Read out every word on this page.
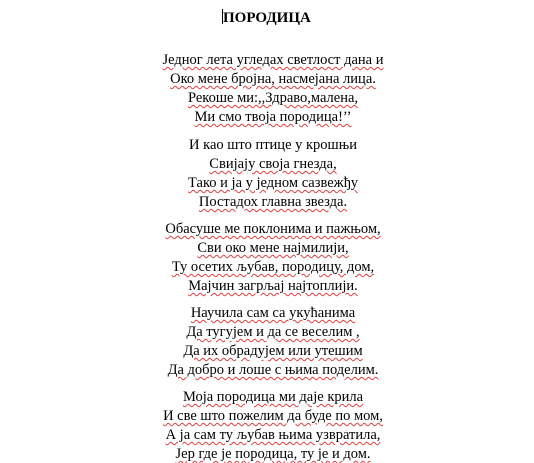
ПОРОДИЦА
Једног лета угледах светлост дана и
Око мене бројна, насмејана лица.
Рекоше ми:,,Здраво,малена,
Ми смо твоја породица!’’
И као што птице у крошњи
Свијају своја гнезда,
Тако и ја у једном сазвежђу
Постадох главна звезда.
Обасуше ме поклонима и пажњом,
Сви око мене најмилији,
Ту осетих љубав, породицу, дом,
Мајчин загрљај најтоплији.
Научила сам са укућанима
Да тугујем и да се веселим ,
Да их обрадујем или утешим
Да добро и лоше с њима поделим.
Моја породица ми даје крила
И све што пожелим да буде по мом,
А ја сам ту љубав њима узвратила,
Јер где је породица, ту је и дом.
